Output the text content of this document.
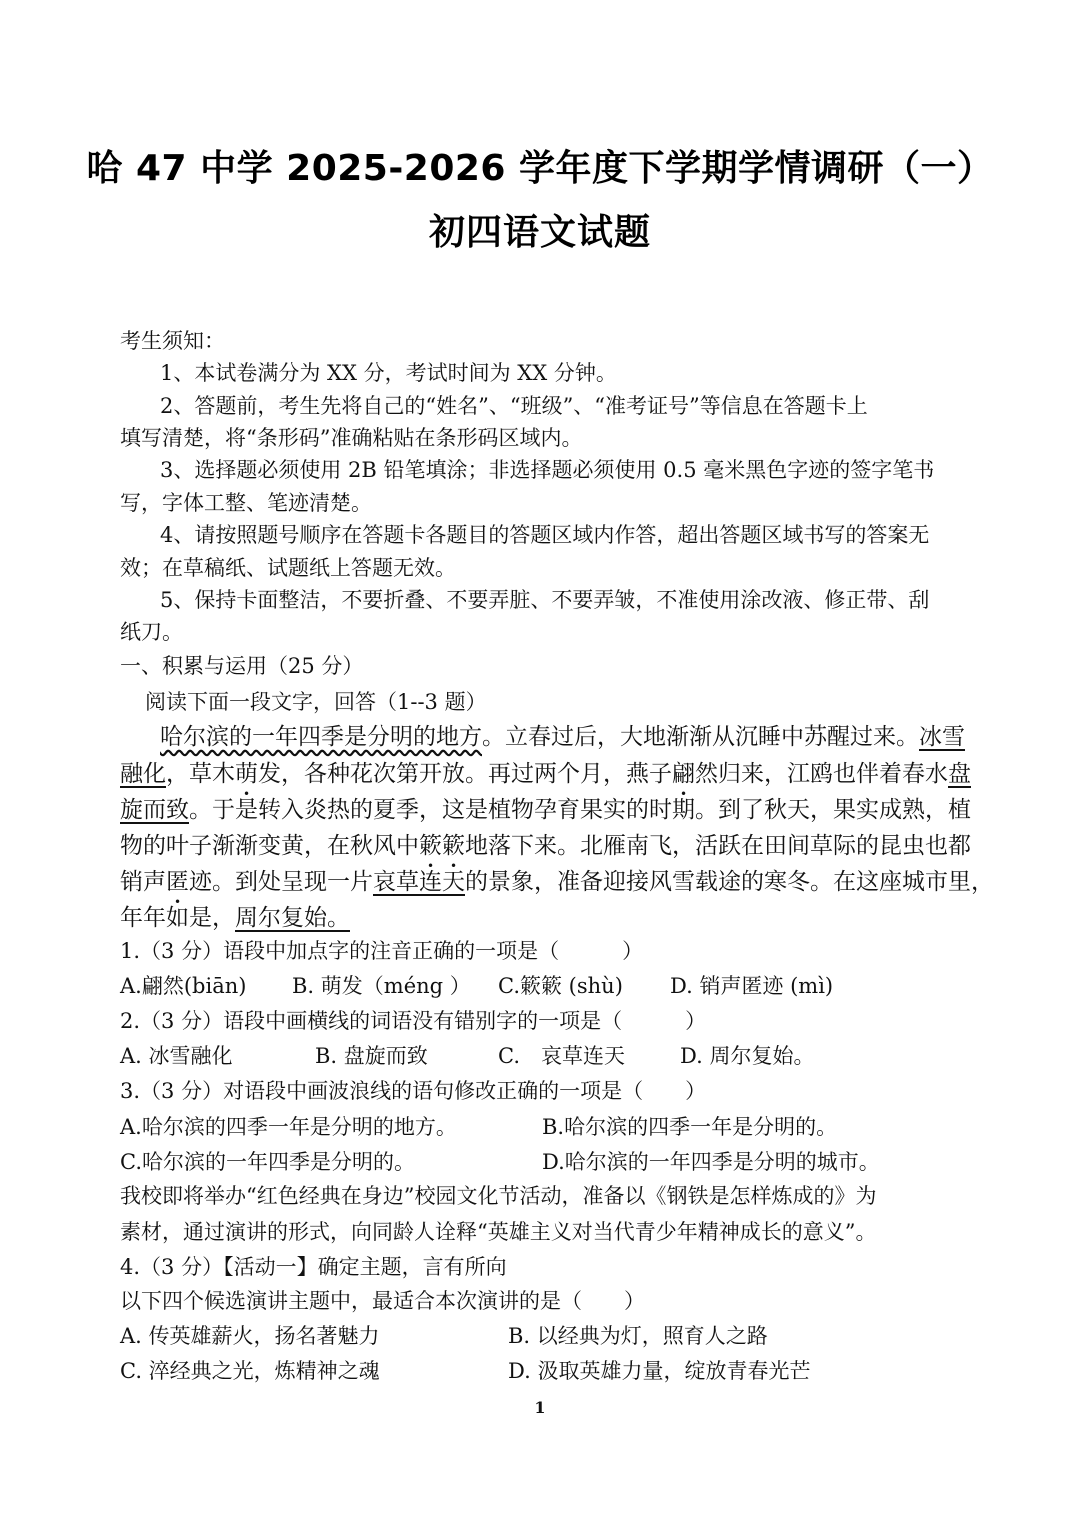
哈 47 中学 2025-2026 学年度下学期学情调研（一）
初四语文试题
考生须知：
1、本试卷满分为 XX 分，考试时间为 XX 分钟。
2、答题前，考生先将自己的“姓名”、“班级”、“准考证号”等信息在答题卡上
填写清楚，将“条形码”准确粘贴在条形码区域内。
3、选择题必须使用 2B 铅笔填涂；非选择题必须使用 0.5 毫米黑色字迹的签字笔书
写，字体工整、笔迹清楚。
4、请按照题号顺序在答题卡各题目的答题区域内作答，超出答题区域书写的答案无
效；在草稿纸、试题纸上答题无效。
5、保持卡面整洁，不要折叠、不要弄脏、不要弄皱，不准使用涂改液、修正带、刮
纸刀。
一、积累与运用（25 分）
阅读下面一段文字，回答（1--3 题）
哈尔滨的一年四季是分明的地方。立春过后，大地渐渐从沉睡中苏醒过来。冰雪
融化，草木萌发，各种花次第开放。再过两个月，燕子翩然归来，江鸥也伴着春水盘
旋而致。于是转入炎热的夏季，这是植物孕育果实的时期。到了秋天，果实成熟，植
物的叶子渐渐变黄，在秋风中簌簌地落下来。北雁南飞，活跃在田间草际的昆虫也都
销声匿迹。到处呈现一片哀草连天的景象，准备迎接风雪载途的寒冬。在这座城市里，
年年如是，周尔复始。
1.（3 分）语段中加点字的注音正确的一项是（　　　）
A.翩然(biān) B. 萌发（méng ） C.簌簌 (shù) D. 销声匿迹 (mì)
2.（3 分）语段中画横线的词语没有错别字的一项是（　　　）
A. 冰雪融化	B. 盘旋而致	C.　哀草连天	D. 周尔复始。
3.（3 分）对语段中画波浪线的语句修改正确的一项是（　　）
A.哈尔滨的四季一年是分明的地方。	B.哈尔滨的四季一年是分明的。
C.哈尔滨的一年四季是分明的。	D.哈尔滨的一年四季是分明的城市。
我校即将举办“红色经典在身边”校园文化节活动，准备以《钢铁是怎样炼成的》为
素材，通过演讲的形式，向同龄人诠释“英雄主义对当代青少年精神成长的意义”。
4.（3 分）【活动一】确定主题，言有所向
以下四个候选演讲主题中，最适合本次演讲的是（　　）
A. 传英雄薪火，扬名著魅力	B. 以经典为灯，照育人之路
C. 淬经典之光，炼精神之魂	D. 汲取英雄力量，绽放青春光芒
1
